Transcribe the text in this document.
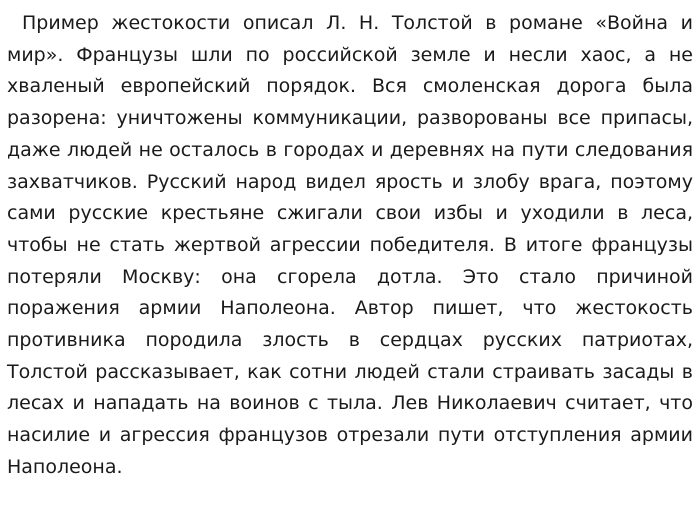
Пример жестокости описал Л. Н. Толстой в романе «Война и мир». Французы шли по российской земле и несли хаос, а не хваленый европейский порядок. Вся смоленская дорога была разорена: уничтожены коммуникации, разворованы все припасы, даже людей не осталось в городах и деревнях на пути следования захватчиков. Русский народ видел ярость и злобу врага, поэтому сами русские крестьяне сжигали свои избы и уходили в леса, чтобы не стать жертвой агрессии победителя. В итоге французы потеряли Москву: она сгорела дотла. Это стало причиной поражения армии Наполеона. Автор пишет, что жестокость противника породила злость в сердцах русских патриотах, Толстой рассказывает, как сотни людей стали страивать засады в лесах и нападать на воинов с тыла. Лев Николаевич считает, что насилие и агрессия французов отрезали пути отступления армии Наполеона.
